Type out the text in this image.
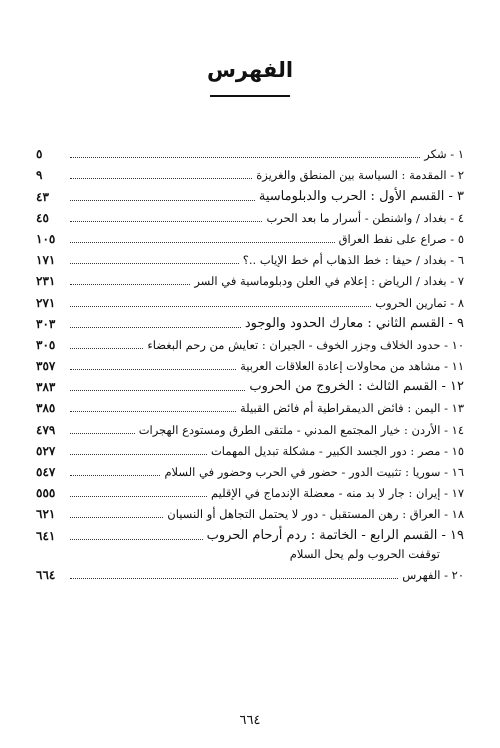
الفهرس
١ - شكر
٥
٢ - المقدمة : السياسة بين المنطق والغريزة
٩
٣ - القسم الأول : الحرب والدبلوماسية
٤٣
٤ - بغداد / واشنطن - أسرار ما بعد الحرب
٤٥
٥ - صراع على نفط العراق
١٠٥
٦ - بغداد / حيفا : خط الذهاب أم خط الإياب ..؟
١٧١
٧ - بغداد / الرياض : إعلام في العلن ودبلوماسية في السر
٢٣١
٨ - تمارين الحروب
٢٧١
٩ - القسم الثاني : معارك الحدود والوجود
٣٠٣
١٠ - حدود الخلاف وجزر الخوف - الجيران : تعايش من رحم البغضاء
٣٠٥
١١ - مشاهد من محاولات إعادة العلاقات العربية
٣٥٧
١٢ - القسم الثالث : الخروج من الحروب
٣٨٣
١٣ - اليمن : فائض الديمقراطية أم فائض القبيلة
٣٨٥
١٤ - الأردن : خيار المجتمع المدني - ملتقى الطرق ومستودع الهجرات
٤٧٩
١٥ - مصر : دور الجسد الكبير - مشكلة تبديل المهمات
٥٢٧
١٦ - سوريا : تثبيت الدور - حضور في الحرب وحضور في السلام
٥٤٧
١٧ - إيران : جار لا بد منه - معضلة الإندماج في الإقليم
٥٥٥
١٨ - العراق : رهن المستقبل - دور لا يحتمل التجاهل أو النسيان
٦٢١
١٩ - القسم الرابع - الخاتمة : ردم أرحام الحروب
٦٤١
توقفت الحروب ولم يحل السلام
٢٠ - الفهرس
٦٦٤
٦٦٤
